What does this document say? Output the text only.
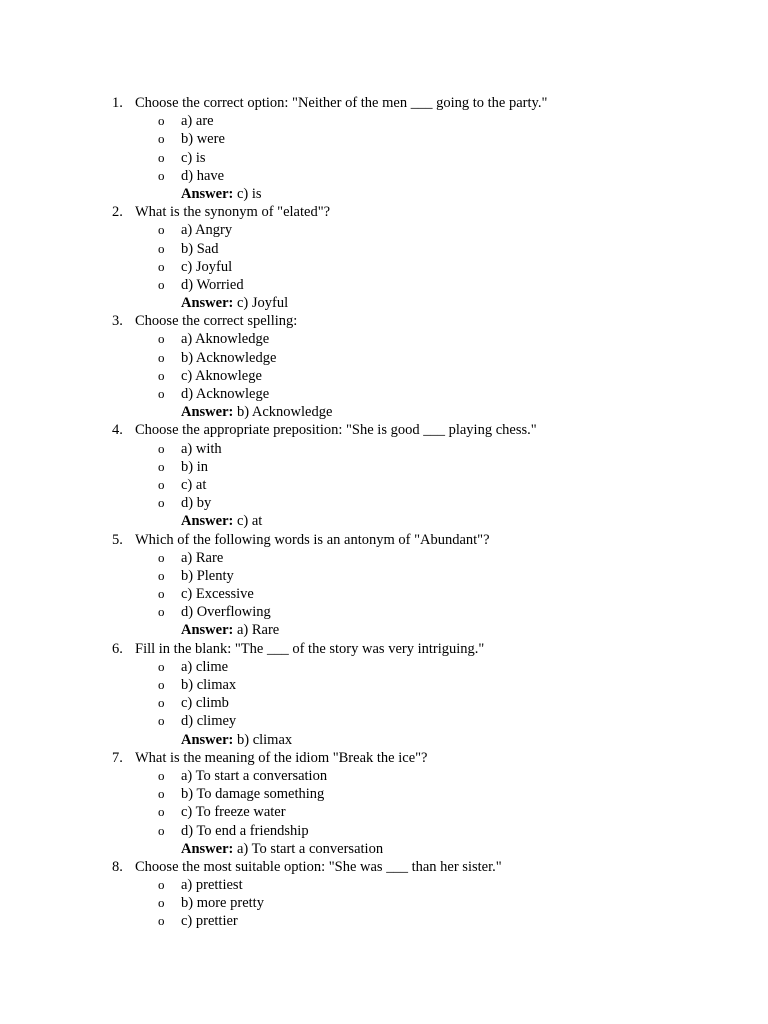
1. Choose the correct option: "Neither of the men ___ going to the party."
o a) are
o b) were
o c) is
o d) have
Answer: c) is
2. What is the synonym of "elated"?
o a) Angry
o b) Sad
o c) Joyful
o d) Worried
Answer: c) Joyful
3. Choose the correct spelling:
o a) Aknowledge
o b) Acknowledge
o c) Aknowlege
o d) Acknowlege
Answer: b) Acknowledge
4. Choose the appropriate preposition: "She is good ___ playing chess."
o a) with
o b) in
o c) at
o d) by
Answer: c) at
5. Which of the following words is an antonym of "Abundant"?
o a) Rare
o b) Plenty
o c) Excessive
o d) Overflowing
Answer: a) Rare
6. Fill in the blank: "The ___ of the story was very intriguing."
o a) clime
o b) climax
o c) climb
o d) climey
Answer: b) climax
7. What is the meaning of the idiom "Break the ice"?
o a) To start a conversation
o b) To damage something
o c) To freeze water
o d) To end a friendship
Answer: a) To start a conversation
8. Choose the most suitable option: "She was ___ than her sister."
o a) prettiest
o b) more pretty
o c) prettier
